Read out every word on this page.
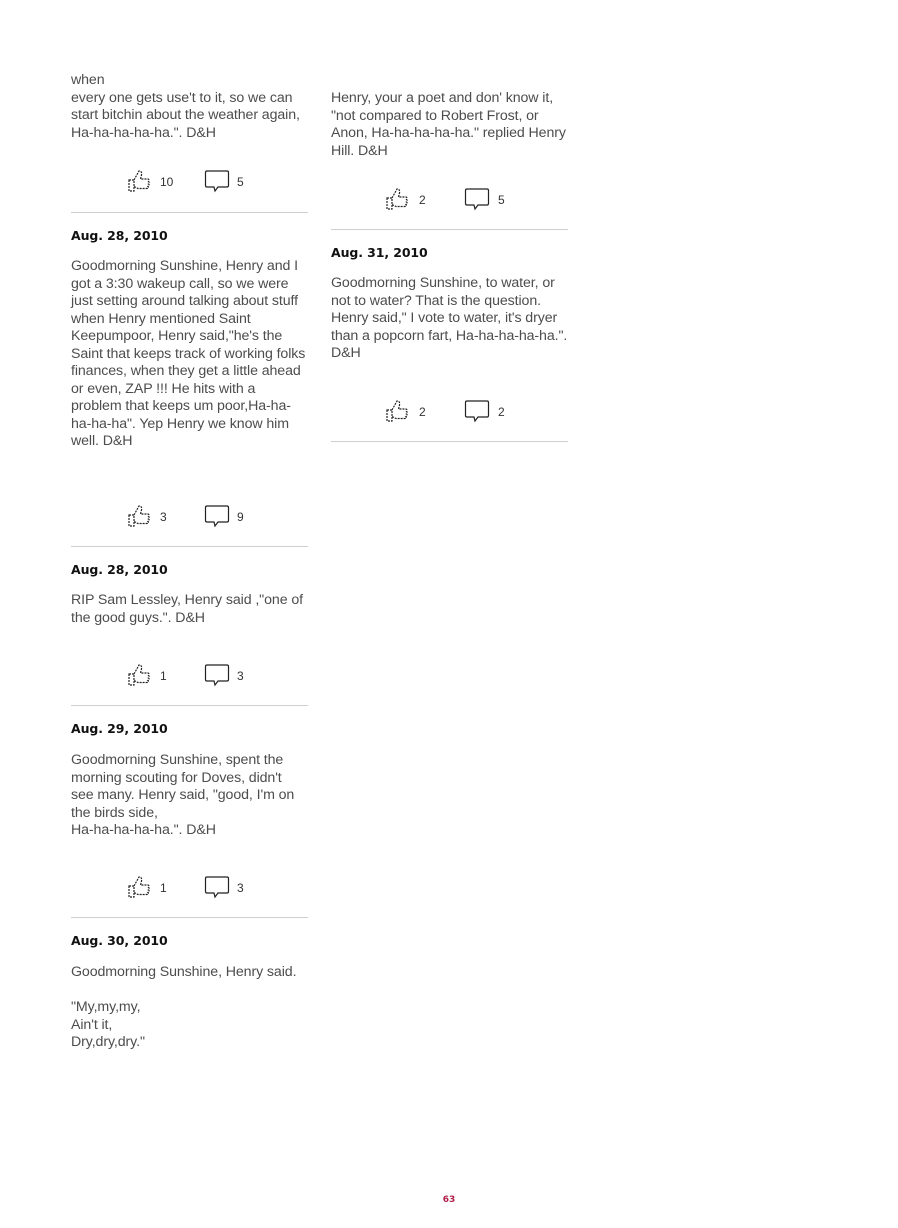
when
every one gets use't to it, so we can start bitchin about the weather again, Ha-ha-ha-ha-ha.". D&H

10	5

Aug. 28, 2010

Goodmorning Sunshine, Henry and I got a 3:30 wakeup call, so we were just setting around talking about stuff when Henry mentioned Saint Keepumpoor, Henry said,"he's the Saint that keeps track of working folks finances, when they get a little ahead or even, ZAP !!! He hits with a problem that keeps um poor,Ha-ha-ha-ha-ha". Yep Henry we know him well. D&H

3	9

Aug. 28, 2010

RIP Sam Lessley, Henry said ,"one of the good guys.". D&H

1	3

Aug. 29, 2010

Goodmorning Sunshine, spent the morning scouting for Doves, didn't see many. Henry said, "good, I'm on the birds side,
Ha-ha-ha-ha-ha.". D&H

1	3

Aug. 30, 2010

Goodmorning Sunshine, Henry said.

"My,my,my,
Ain't it,
Dry,dry,dry."

Henry, your a poet and don' know it, "not compared to Robert Frost, or Anon, Ha-ha-ha-ha-ha." replied Henry Hill. D&H

2	5

Aug. 31, 2010

Goodmorning Sunshine, to water, or not to water? That is the question. Henry said," I vote to water, it's dryer than a popcorn fart, Ha-ha-ha-ha-ha.". D&H

2	2
63
